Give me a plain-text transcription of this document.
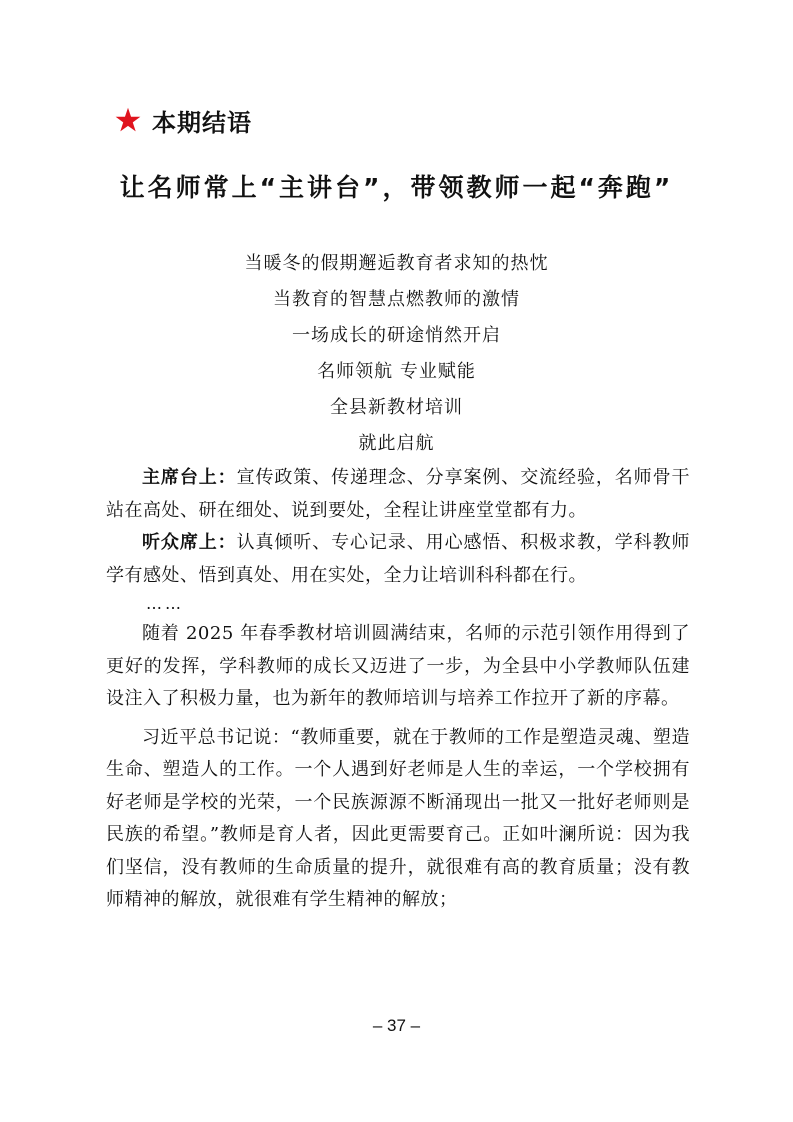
本期结语
让名师常上“主讲台”，带领教师一起“奔跑”
当暖冬的假期邂逅教育者求知的热忱
当教育的智慧点燃教师的激情
一场成长的研途悄然开启
名师领航 专业赋能
全县新教材培训
就此启航

主席台上：宣传政策、传递理念、分享案例、交流经验，名师骨干站在高处、研在细处、说到要处，全程让讲座堂堂都有力。

听众席上：认真倾听、专心记录、用心感悟、积极求教，学科教师学有感处、悟到真处、用在实处，全力让培训科科都在行。

……

随着 2025 年春季教材培训圆满结束，名师的示范引领作用得到了更好的发挥，学科教师的成长又迈进了一步，为全县中小学教师队伍建设注入了积极力量，也为新年的教师培训与培养工作拉开了新的序幕。

习近平总书记说：“教师重要，就在于教师的工作是塑造灵魂、塑造生命、塑造人的工作。一个人遇到好老师是人生的幸运，一个学校拥有好老师是学校的光荣，一个民族源源不断涌现出一批又一批好老师则是民族的希望。”教师是育人者，因此更需要育己。正如叶澜所说：因为我们坚信，没有教师的生命质量的提升，就很难有高的教育质量；没有教师精神的解放，就很难有学生精神的解放；

– 37 –
